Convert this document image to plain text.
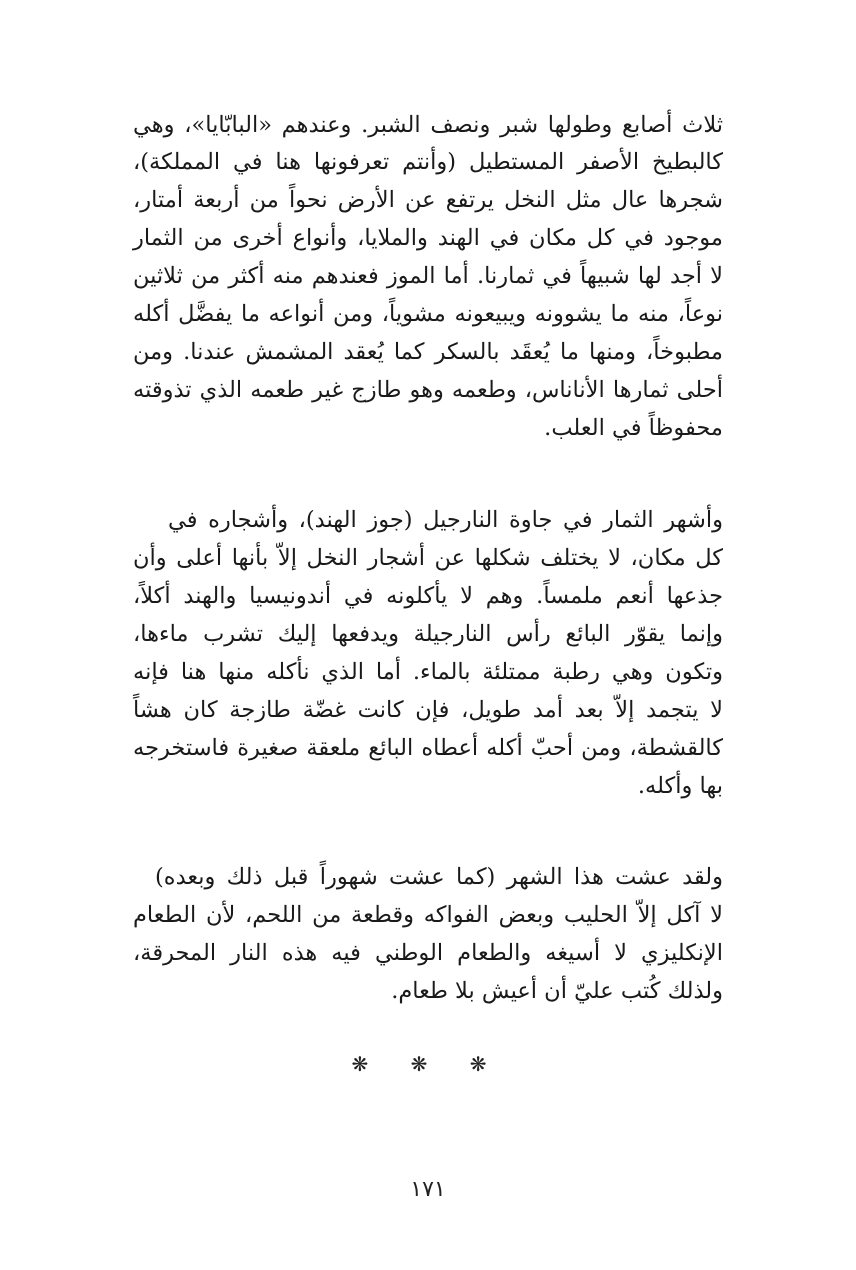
ثلاث أصابع وطولها شبر ونصف الشبر. وعندهم «البابّايا»، وهي
كالبطيخ الأصفر المستطيل (وأنتم تعرفونها هنا في المملكة)،
شجرها عال مثل النخل يرتفع عن الأرض نحواً من أربعة أمتار،
موجود في كل مكان في الهند والملايا، وأنواع أخرى من الثمار
لا أجد لها شبيهاً في ثمارنا. أما الموز فعندهم منه أكثر من ثلاثين
نوعاً، منه ما يشوونه ويبيعونه مشوياً، ومن أنواعه ما يفضَّل أكله
مطبوخاً، ومنها ما يُعقَد بالسكر كما يُعقد المشمش عندنا. ومن
أحلى ثمارها الأناناس، وطعمه وهو طازج غير طعمه الذي تذوقته
محفوظاً في العلب.
وأشهر الثمار في جاوة النارجيل (جوز الهند)، وأشجاره في
كل مكان، لا يختلف شكلها عن أشجار النخل إلاّ بأنها أعلى وأن
جذعها أنعم ملمساً. وهم لا يأكلونه في أندونيسيا والهند أكلاً،
وإنما يقوّر البائع رأس النارجيلة ويدفعها إليك تشرب ماءها،
وتكون وهي رطبة ممتلئة بالماء. أما الذي نأكله منها هنا فإنه
لا يتجمد إلاّ بعد أمد طويل، فإن كانت غضّة طازجة كان هشاً
كالقشطة، ومن أحبّ أكله أعطاه البائع ملعقة صغيرة فاستخرجه
بها وأكله.
ولقد عشت هذا الشهر (كما عشت شهوراً قبل ذلك وبعده)
لا آكل إلاّ الحليب وبعض الفواكه وقطعة من اللحم، لأن الطعام
الإنكليزي لا أسيغه والطعام الوطني فيه هذه النار المحرقة،
ولذلك كُتب عليّ أن أعيش بلا طعام.
❋ ❋ ❋
١٧١
